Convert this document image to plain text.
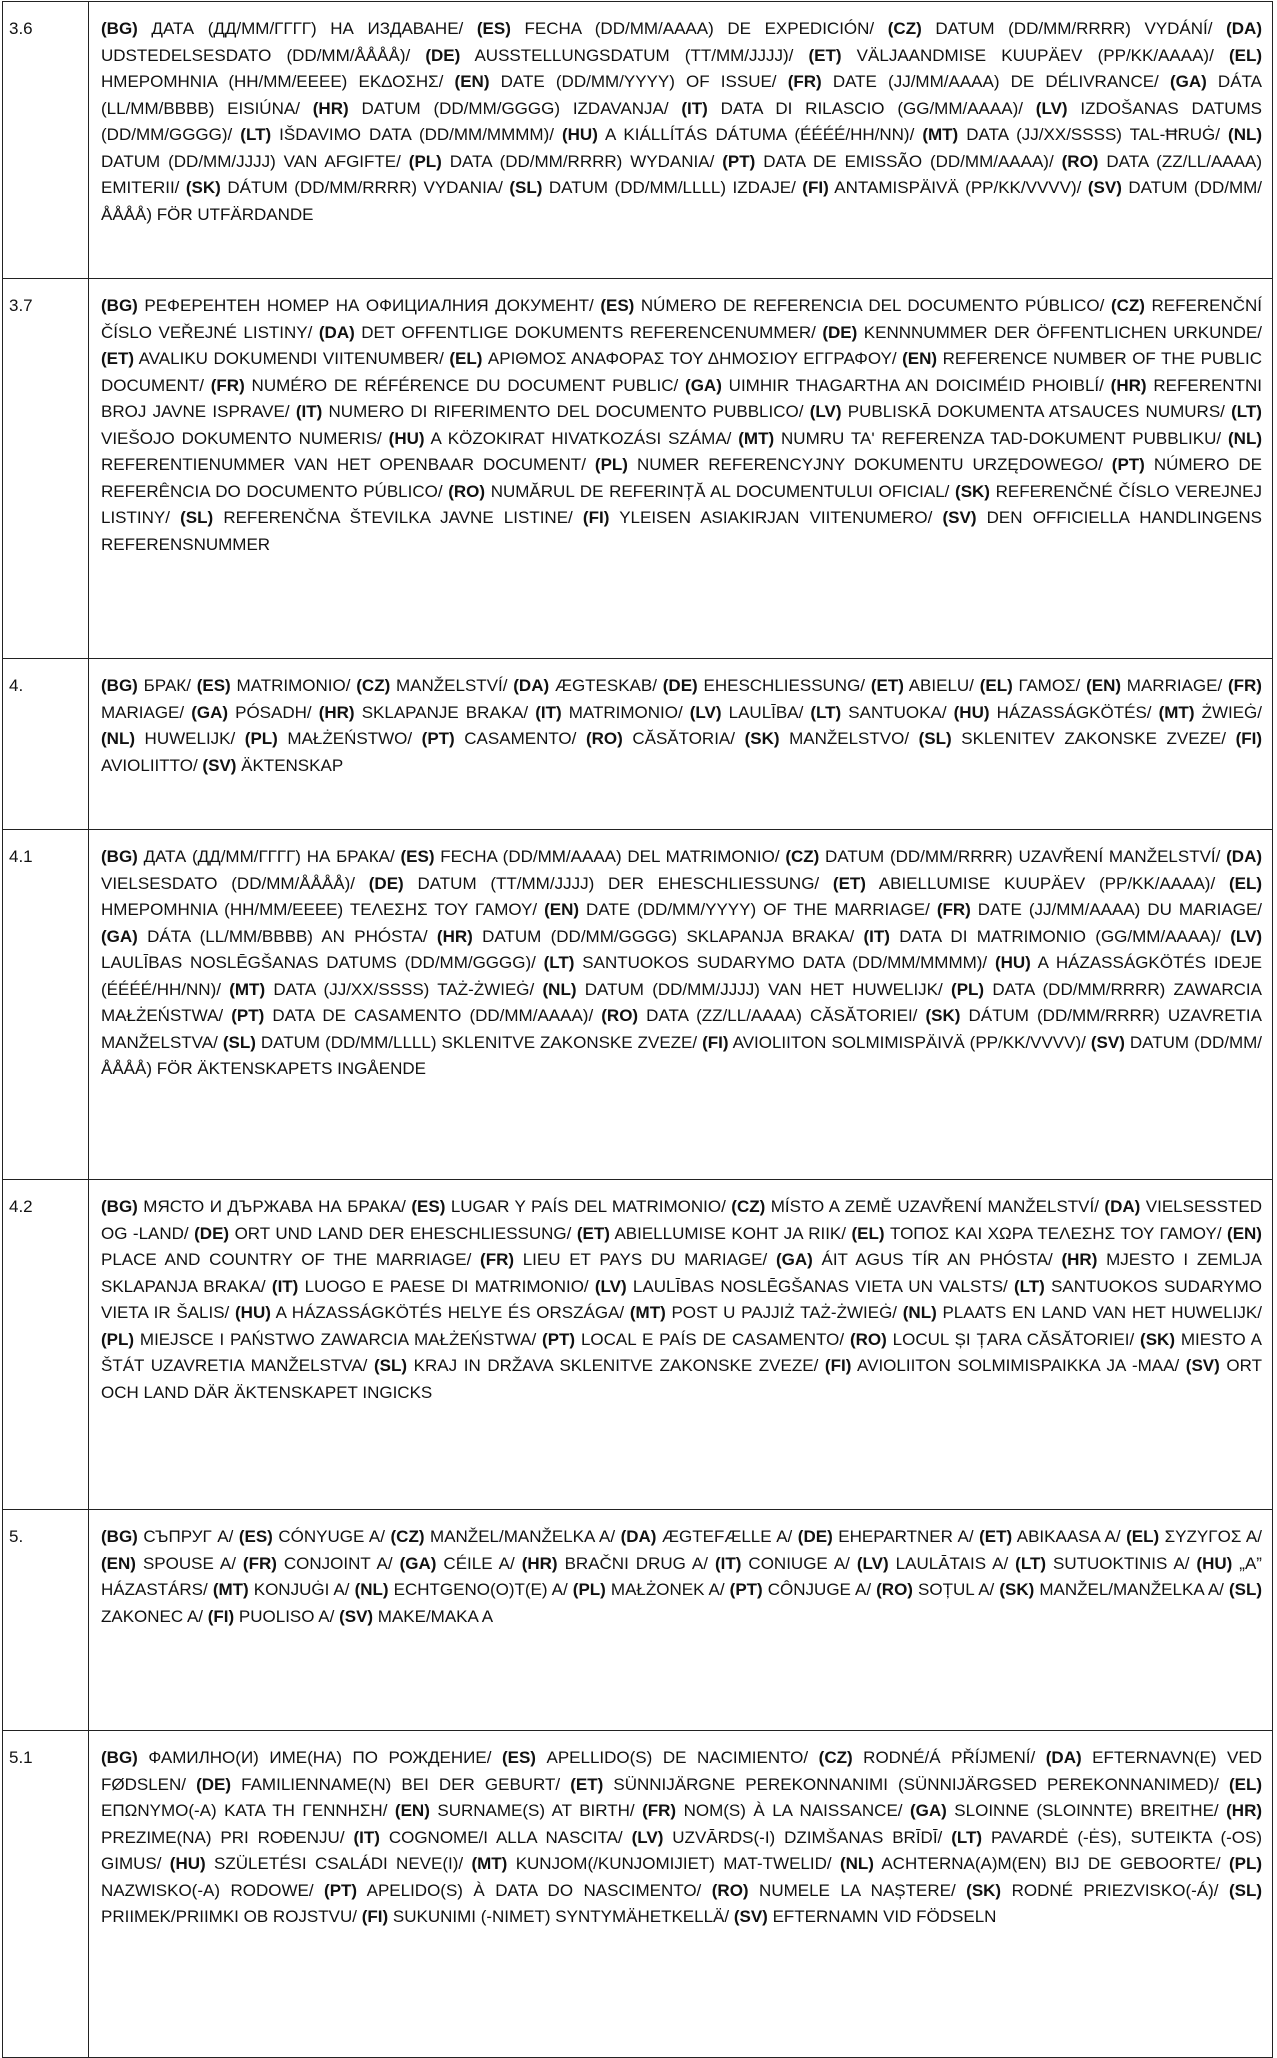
3.6	(BG) ДАТА (ДД/ММ/ГГГГ) НА ИЗДАВАНЕ/ (ES) FECHA (DD/MM/AAAA) DE EXPEDICIÓN/ (CZ) DATUM (DD/MM/RRRR) VYDÁNÍ/ (DA) UDSTEDELSESDATO (DD/MM/ÅÅÅÅ)/ (DE) AUSSTELLUNGSDATUM (TT/MM/JJJJ)/ (ET) VÄLJAANDMISE KUUPÄEV (PP/KK/AAAA)/ (EL) ΗΜΕΡΟΜΗΝΙΑ (ΗΗ/ΜΜ/ΕΕΕΕ) ΕΚΔΟΣΗΣ/ (EN) DATE (DD/MM/YYYY) OF ISSUE/ (FR) DATE (JJ/MM/AAAA) DE DÉLIVRANCE/ (GA) DÁTA (LL/MM/BBBB) EISIÚNA/ (HR) DATUM (DD/MM/GGGG) IZDAVANJA/ (IT) DATA DI RILASCIO (GG/MM/AAAA)/ (LV) IZDOŠANAS DATUMS (DD/MM/GGGG)/ (LT) IŠDAVIMO DATA (DD/MM/MMMM)/ (HU) A KIÁLLÍTÁS DÁTUMA (ÉÉÉÉ/HH/NN)/ (MT) DATA (JJ/XX/SSSS) TAL-ĦRUĠ/ (NL) DATUM (DD/MM/JJJJ) VAN AFGIFTE/ (PL) DATA (DD/MM/RRRR) WYDANIA/ (PT) DATA DE EMISSÃO (DD/MM/AAAA)/ (RO) DATA (ZZ/LL/AAAA) EMITERII/ (SK) DÁTUM (DD/MM/RRRR) VYDANIA/ (SL) DATUM (DD/MM/LLLL) IZDAJE/ (FI) ANTAMISPÄIVÄ (PP/KK/VVVV)/ (SV) DATUM (DD/MM/ÅÅÅÅ) FÖR UTFÄRDANDE
3.7	(BG) РЕФЕРЕНТЕН НОМЕР НА ОФИЦИАЛНИЯ ДОКУМЕНТ/ (ES) NÚMERO DE REFERENCIA DEL DOCUMENTO PÚBLICO/ (CZ) REFERENČNÍ ČÍSLO VEŘEJNÉ LISTINY/ (DA) DET OFFENTLIGE DOKUMENTS REFERENCENUMMER/ (DE) KENNNUMMER DER ÖFFENTLICHEN URKUNDE/ (ET) AVALIKU DOKUMENDI VIITENUMBER/ (EL) ΑΡΙΘΜΟΣ ΑΝΑΦΟΡΑΣ ΤΟΥ ΔΗΜΟΣΙΟΥ ΕΓΓΡΑΦΟΥ/ (EN) REFERENCE NUMBER OF THE PUBLIC DOCUMENT/ (FR) NUMÉRO DE RÉFÉRENCE DU DOCUMENT PUBLIC/ (GA) UIMHIR THAGARTHA AN DOICIMÉID PHOIBLÍ/ (HR) REFERENTNI BROJ JAVNE ISPRAVE/ (IT) NUMERO DI RIFERIMENTO DEL DOCUMENTO PUBBLICO/ (LV) PUBLISKĀ DOKUMENTA ATSAUCES NUMURS/ (LT) VIEŠOJO DOKUMENTO NUMERIS/ (HU) A KÖZOKIRAT HIVATKOZÁSI SZÁMA/ (MT) NUMRU TA' REFERENZA TAD-DOKUMENT PUBBLIKU/ (NL) REFERENTIENUMMER VAN HET OPENBAAR DOCUMENT/ (PL) NUMER REFERENCYJNY DOKUMENTU URZĘDOWEGO/ (PT) NÚMERO DE REFERÊNCIA DO DOCUMENTO PÚBLICO/ (RO) NUMĂRUL DE REFERINȚĂ AL DOCUMENTULUI OFICIAL/ (SK) REFERENČNÉ ČÍSLO VEREJNEJ LISTINY/ (SL) REFERENČNA ŠTEVILKA JAVNE LISTINE/ (FI) YLEISEN ASIAKIRJAN VIITENUMERO/ (SV) DEN OFFICIELLA HANDLINGENS REFERENSNUMMER
4.	(BG) БРАК/ (ES) MATRIMONIO/ (CZ) MANŽELSTVÍ/ (DA) ÆGTESKAB/ (DE) EHESCHLIESSUNG/ (ET) ABIELU/ (EL) ΓΑΜΟΣ/ (EN) MARRIAGE/ (FR) MARIAGE/ (GA) PÓSADH/ (HR) SKLAPANJE BRAKA/ (IT) MATRIMONIO/ (LV) LAULĪBA/ (LT) SANTUOKA/ (HU) HÁZASSÁGKÖTÉS/ (MT) ŻWIEĠ/ (NL) HUWELIJK/ (PL) MAŁŻEŃSTWO/ (PT) CASAMENTO/ (RO) CĂSĂTORIA/ (SK) MANŽELSTVO/ (SL) SKLENITEV ZAKONSKE ZVEZE/ (FI) AVIOLIITTO/ (SV) ÄKTENSKAP
4.1	(BG) ДАТА (ДД/ММ/ГГГГ) НА БРАКА/ (ES) FECHA (DD/MM/AAAA) DEL MATRIMONIO/ (CZ) DATUM (DD/MM/RRRR) UZAVŘENÍ MANŽELSTVÍ/ (DA) VIELSESDATO (DD/MM/ÅÅÅÅ)/ (DE) DATUM (TT/MM/JJJJ) DER EHESCHLIESSUNG/ (ET) ABIELLUMISE KUUPÄEV (PP/KK/AAAA)/ (EL) ΗΜΕΡΟΜΗΝΙΑ (ΗΗ/ΜΜ/ΕΕΕΕ) ΤΕΛΕΣΗΣ ΤΟΥ ΓΑΜΟΥ/ (EN) DATE (DD/MM/YYYY) OF THE MARRIAGE/ (FR) DATE (JJ/MM/AAAA) DU MARIAGE/ (GA) DÁTA (LL/MM/BBBB) AN PHÓSTA/ (HR) DATUM (DD/MM/GGGG) SKLAPANJA BRAKA/ (IT) DATA DI MATRIMONIO (GG/MM/AAAA)/ (LV) LAULĪBAS NOSLĒGŠANAS DATUMS (DD/MM/GGGG)/ (LT) SANTUOKOS SUDARYMO DATA (DD/MM/MMMM)/ (HU) A HÁZASSÁGKÖTÉS IDEJE (ÉÉÉÉ/HH/NN)/ (MT) DATA (JJ/XX/SSSS) TAŻ-ŻWIEĠ/ (NL) DATUM (DD/MM/JJJJ) VAN HET HUWELIJK/ (PL) DATA (DD/MM/RRRR) ZAWARCIA MAŁŻEŃSTWA/ (PT) DATA DE CASAMENTO (DD/MM/AAAA)/ (RO) DATA (ZZ/LL/AAAA) CĂSĂTORIEI/ (SK) DÁTUM (DD/MM/RRRR) UZAVRETIA MANŽELSTVA/ (SL) DATUM (DD/MM/LLLL) SKLENITVE ZAKONSKE ZVEZE/ (FI) AVIOLIITON SOLMIMISPÄIVÄ (PP/KK/VVVV)/ (SV) DATUM (DD/MM/ÅÅÅÅ) FÖR ÄKTENSKAPETS INGÅENDE
4.2	(BG) МЯСТО И ДЪРЖАВА НА БРАКА/ (ES) LUGAR Y PAÍS DEL MATRIMONIO/ (CZ) MÍSTO A ZEMĚ UZAVŘENÍ MANŽELSTVÍ/ (DA) VIELSESSTED OG -LAND/ (DE) ORT UND LAND DER EHESCHLIESSUNG/ (ET) ABIELLUMISE KOHT JA RIIK/ (EL) ΤΟΠΟΣ ΚΑΙ ΧΩΡΑ ΤΕΛΕΣΗΣ ΤΟΥ ΓΑΜΟΥ/ (EN) PLACE AND COUNTRY OF THE MARRIAGE/ (FR) LIEU ET PAYS DU MARIAGE/ (GA) ÁIT AGUS TÍR AN PHÓSTA/ (HR) MJESTO I ZEMLJA SKLAPANJA BRAKA/ (IT) LUOGO E PAESE DI MATRIMONIO/ (LV) LAULĪBAS NOSLĒGŠANAS VIETA UN VALSTS/ (LT) SANTUOKOS SUDARYMO VIETA IR ŠALIS/ (HU) A HÁZASSÁGKÖTÉS HELYE ÉS ORSZÁGA/ (MT) POST U PAJJIŻ TAŻ-ŻWIEĠ/ (NL) PLAATS EN LAND VAN HET HUWELIJK/ (PL) MIEJSCE I PAŃSTWO ZAWARCIA MAŁŻEŃSTWA/ (PT) LOCAL E PAÍS DE CASAMENTO/ (RO) LOCUL ȘI ȚARA CĂSĂTORIEI/ (SK) MIESTO A ŠTÁT UZAVRETIA MANŽELSTVA/ (SL) KRAJ IN DRŽAVA SKLENITVE ZAKONSKE ZVEZE/ (FI) AVIOLIITON SOLMIMISPAIKKA JA -MAA/ (SV) ORT OCH LAND DÄR ÄKTENSKAPET INGICKS
5.	(BG) СЪПРУГ А/ (ES) CÓNYUGE A/ (CZ) MANŽEL/MANŽELKA A/ (DA) ÆGTEFÆLLE A/ (DE) EHEPARTNER A/ (ET) ABIKAASA A/ (EL) ΣΥΖΥΓΟΣ Α/ (EN) SPOUSE A/ (FR) CONJOINT A/ (GA) CÉILE A/ (HR) BRAČNI DRUG A/ (IT) CONIUGE A/ (LV) LAULĀTAIS A/ (LT) SUTUOKTINIS A/ (HU) „A” HÁZASTÁRS/ (MT) KONJUĠI A/ (NL) ECHTGENO(O)T(E) A/ (PL) MAŁŻONEK A/ (PT) CÔNJUGE A/ (RO) SOȚUL A/ (SK) MANŽEL/MANŽELKA A/ (SL) ZAKONEC A/ (FI) PUOLISO A/ (SV) MAKE/MAKA A
5.1	(BG) ФАМИЛНО(И) ИМЕ(НА) ПО РОЖДЕНИЕ/ (ES) APELLIDO(S) DE NACIMIENTO/ (CZ) RODNÉ/Á PŘÍJMENÍ/ (DA) EFTERNAVN(E) VED FØDSLEN/ (DE) FAMILIENNAME(N) BEI DER GEBURT/ (ET) SÜNNIJÄRGNE PEREKONNANIMI (SÜNNIJÄRGSED PEREKONNANIMED)/ (EL) ΕΠΩΝΥΜΟ(-Α) ΚΑΤΑ ΤΗ ΓΕΝΝΗΣΗ/ (EN) SURNAME(S) AT BIRTH/ (FR) NOM(S) À LA NAISSANCE/ (GA) SLOINNE (SLOINNTE) BREITHE/ (HR) PREZIME(NA) PRI ROĐENJU/ (IT) COGNOME/I ALLA NASCITA/ (LV) UZVĀRDS(-I) DZIMŠANAS BRĪDĪ/ (LT) PAVARDĖ (-ĖS), SUTEIKTA (-OS) GIMUS/ (HU) SZÜLETÉSI CSALÁDI NEVE(I)/ (MT) KUNJOM(/KUNJOMIJIET) MAT-TWELID/ (NL) ACHTERNA(A)M(EN) BIJ DE GEBOORTE/ (PL) NAZWISKO(-A) RODOWE/ (PT) APELIDO(S) À DATA DO NASCIMENTO/ (RO) NUMELE LA NAȘTERE/ (SK) RODNÉ PRIEZVISKO(-Á)/ (SL) PRIIMEK/PRIIMKI OB ROJSTVU/ (FI) SUKUNIMI (-NIMET) SYNTYMÄHETKELLÄ/ (SV) EFTERNAMN VID FÖDSELN
